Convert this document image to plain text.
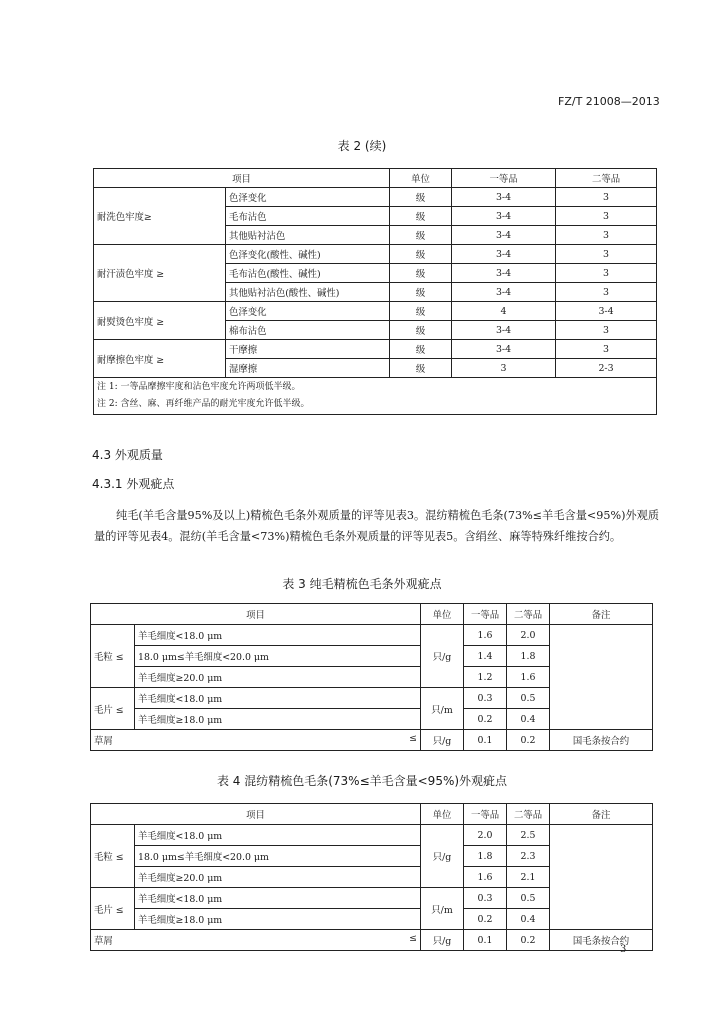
FZ/T 21008—2013
表 2 (续)
项目		单位	一等品	二等品
耐洗色牢度≥	色泽变化	级	3-4	3
	毛布沾色	级	3-4	3
	其他贴衬沾色	级	3-4	3
耐汗渍色牢度 ≥	色泽变化(酸性、碱性)	级	3-4	3
	毛布沾色(酸性、碱性)	级	3-4	3
	其他贴衬沾色(酸性、碱性)	级	3-4	3
耐熨烫色牢度 ≥	色泽变化	级	4	3-4
	棉布沾色	级	3-4	3
耐摩擦色牢度 ≥	干摩擦	级	3-4	3
	湿摩擦	级	3	2-3

注 1: 一等品摩擦牢度和沾色牢度允许两项低半级。
注 2: 含丝、麻、再纤维产品的耐光牢度允许低半级。				
4.3 外观质量
4.3.1 外观疵点
纯毛(羊毛含量95%及以上)精梳色毛条外观质量的评等见表3。混纺精梳色毛条(73%≤羊毛含量<95%)外观质量的评等见表4。混纺(羊毛含量<73%)精梳色毛条外观质量的评等见表5。含绢丝、麻等特殊纤维按合约。
表 3 纯毛精梳色毛条外观疵点
项目		单位	一等品	二等品	备注
毛粒 ≤	羊毛细度<18.0 μm	只/g	1.6	2.0	
	18.0 μm≤羊毛细度<20.0 μm		1.4	1.8	
	羊毛细度≥20.0 μm		1.2	1.6	
毛片 ≤	羊毛细度<18.0 μm	只/m	0.3	0.5	
	羊毛细度≥18.0 μm		0.2	0.4	
草屑 ≤		只/g	0.1	0.2	国毛条按合约
表 4 混纺精梳色毛条(73%≤羊毛含量<95%)外观疵点
项目		单位	一等品	二等品	备注
毛粒 ≤	羊毛细度<18.0 μm	只/g	2.0	2.5	
	18.0 μm≤羊毛细度<20.0 μm		1.8	2.3	
	羊毛细度≥20.0 μm		1.6	2.1	
毛片 ≤	羊毛细度<18.0 μm	只/m	0.3	0.5	
	羊毛细度≥18.0 μm		0.2	0.4	
草屑 ≤		只/g	0.1	0.2	国毛条按合约
3
